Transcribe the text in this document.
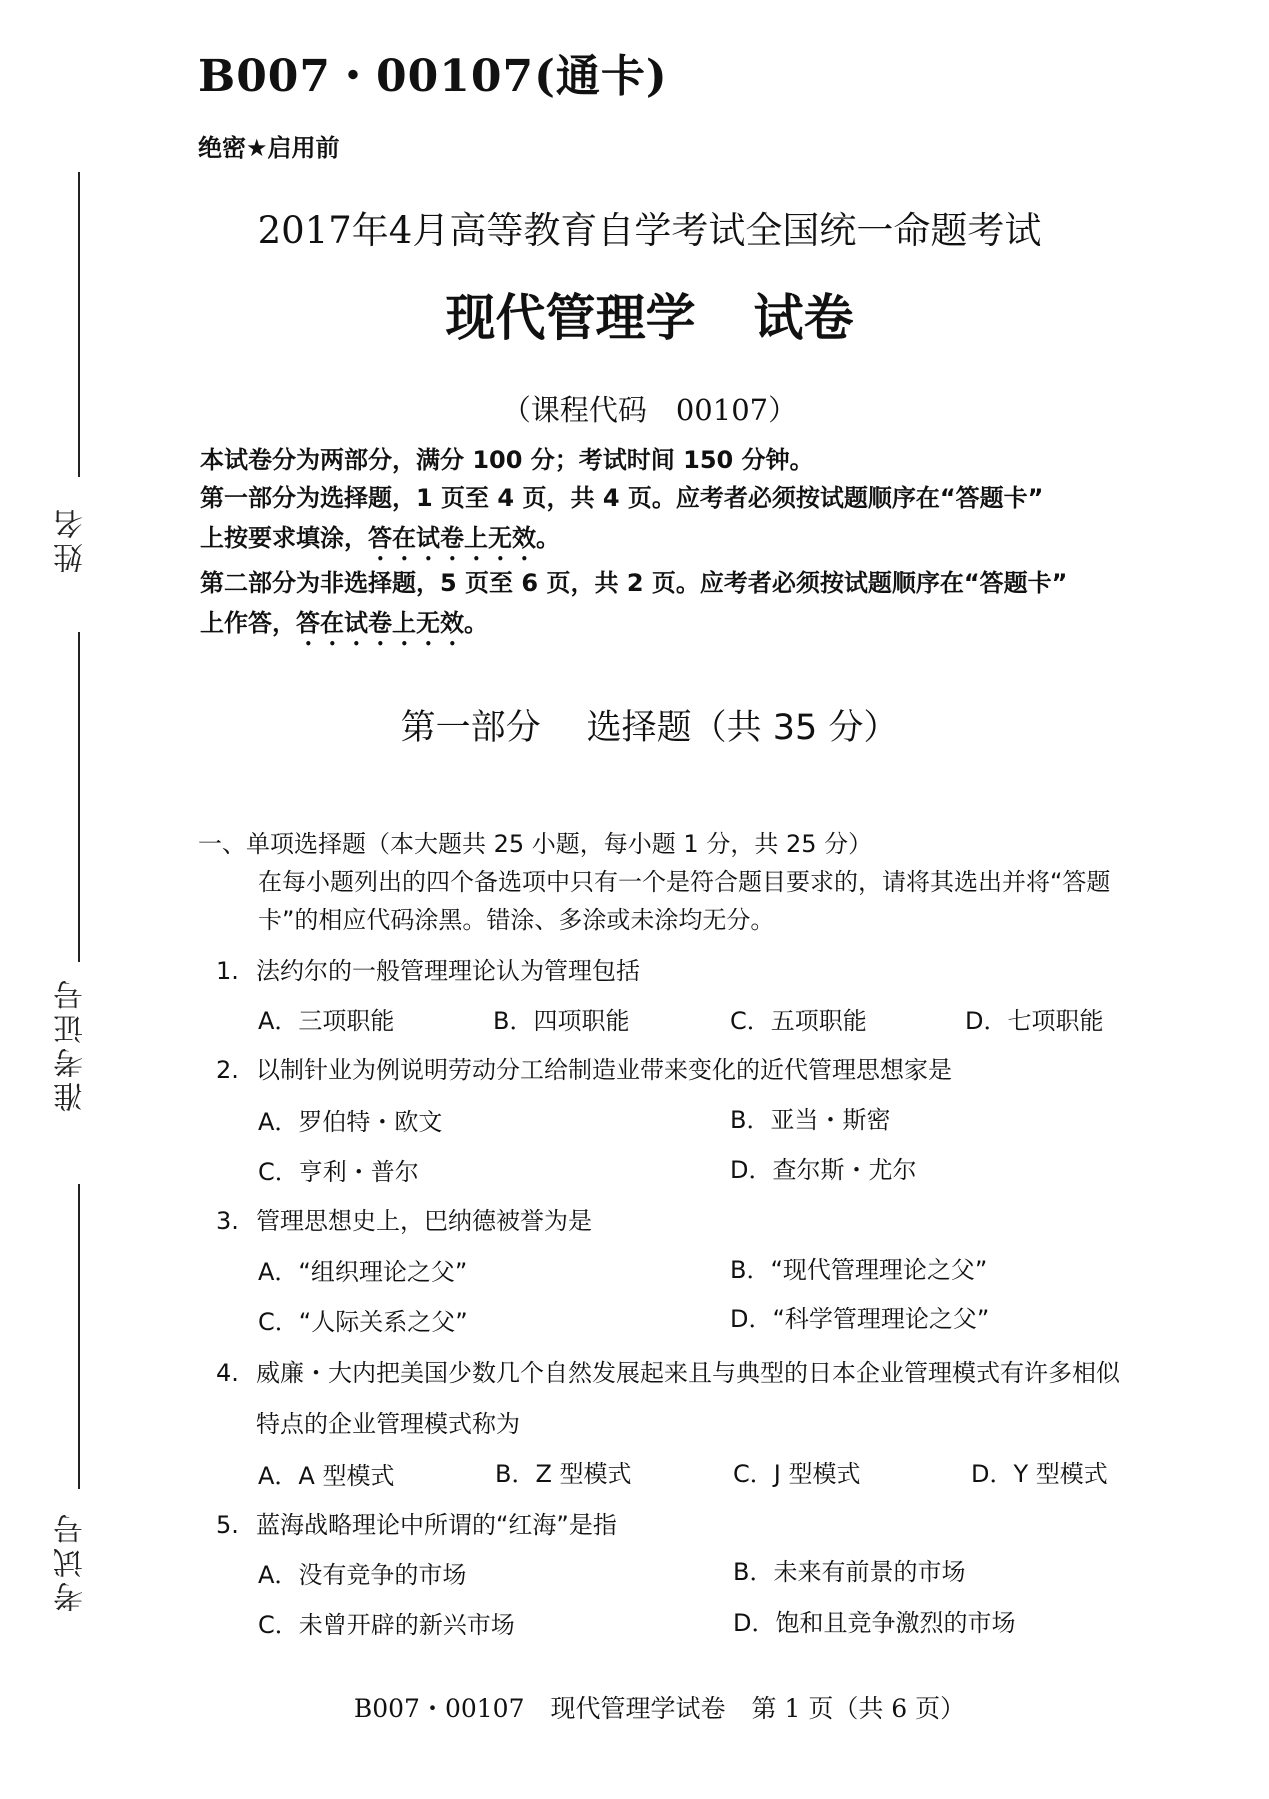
姓名
准考证号
考试号
B007・00107(通卡)
绝密★启用前
2017年4月高等教育自学考试全国统一命题考试
现代管理学 试卷
（课程代码　00107）
本试卷分为两部分，满分 100 分；考试时间 150 分钟。
第一部分为选择题，1 页至 4 页，共 4 页。应考者必须按试题顺序在“答题卡”
上按要求填涂，答在试卷上无效。
第二部分为非选择题，5 页至 6 页，共 2 页。应考者必须按试题顺序在“答题卡”
上作答，答在试卷上无效。
第一部分 选择题（共 35 分）
一、单项选择题（本大题共 25 小题，每小题 1 分，共 25 分）
在每小题列出的四个备选项中只有一个是符合题目要求的，请将其选出并将“答题
卡”的相应代码涂黑。错涂、多涂或未涂均无分。
1. 法约尔的一般管理理论认为管理包括
A．三项职能	B．四项职能	C．五项职能	D．七项职能
2. 以制针业为例说明劳动分工给制造业带来变化的近代管理思想家是
A．罗伯特・欧文	B．亚当・斯密
C．亨利・普尔	D．查尔斯・尤尔
3. 管理思想史上，巴纳德被誉为是
A．“组织理论之父”	B．“现代管理理论之父”
C．“人际关系之父”	D．“科学管理理论之父”
4. 威廉・大内把美国少数几个自然发展起来且与典型的日本企业管理模式有许多相似
特点的企业管理模式称为
A．A 型模式	B．Z 型模式	C．J 型模式	D．Y 型模式
5. 蓝海战略理论中所谓的“红海”是指
A．没有竞争的市场	B．未来有前景的市场
C．未曾开辟的新兴市场	D．饱和且竞争激烈的市场
B007・00107 现代管理学试卷 第 1 页（共 6 页）
